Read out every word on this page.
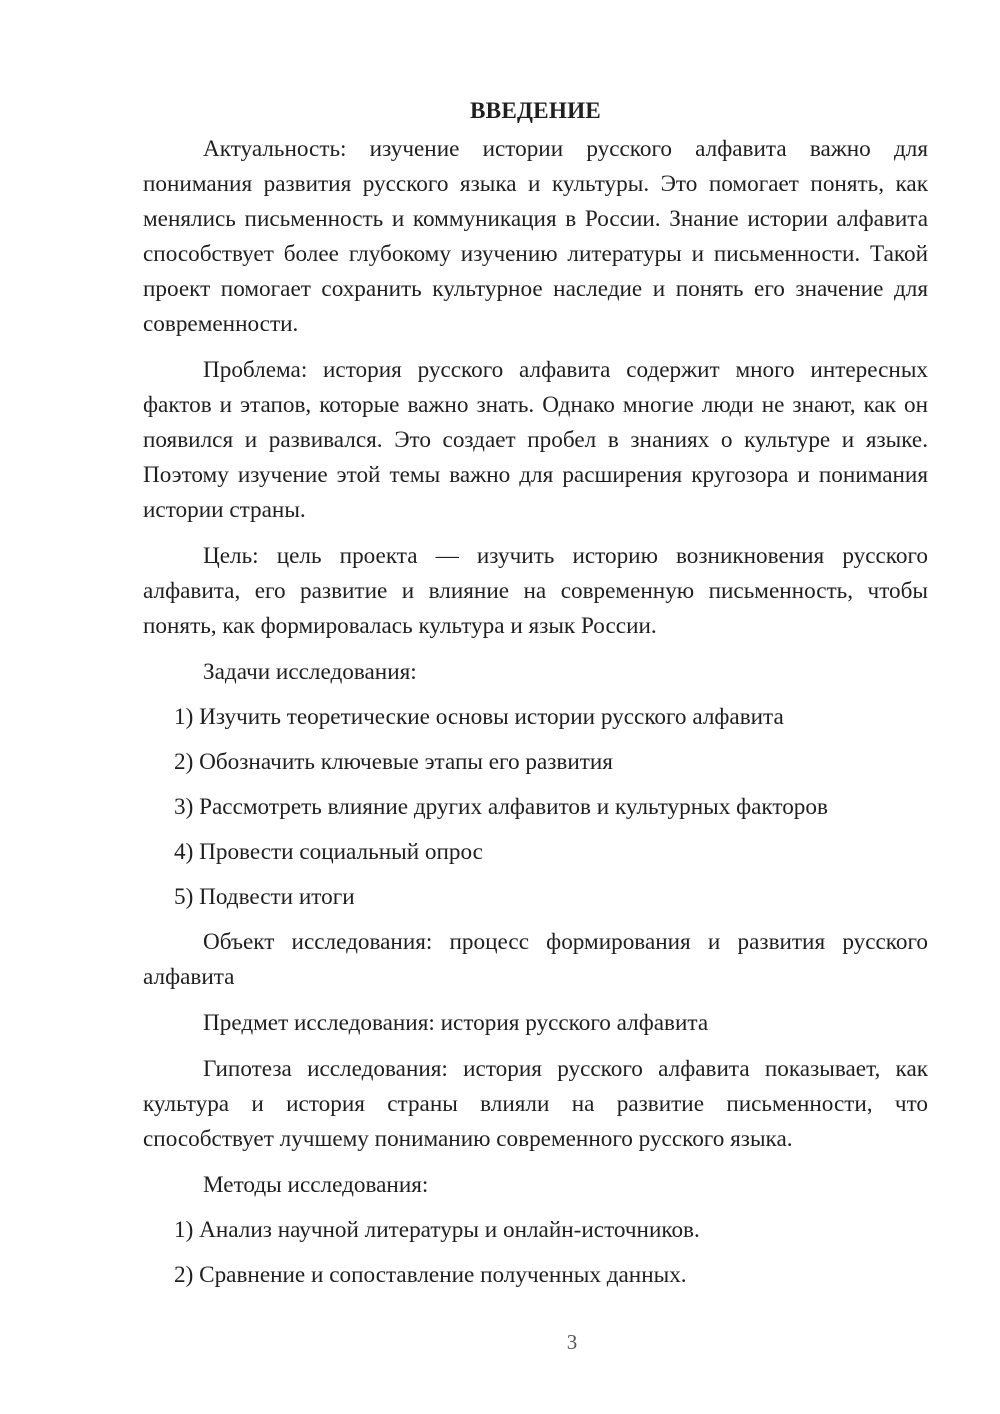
ВВЕДЕНИЕ

Актуальность: изучение истории русского алфавита важно для понимания развития русского языка и культуры. Это помогает понять, как менялись письменность и коммуникация в России. Знание истории алфавита способствует более глубокому изучению литературы и письменности. Такой проект помогает сохранить культурное наследие и понять его значение для современности.

Проблема: история русского алфавита содержит много интересных фактов и этапов, которые важно знать. Однако многие люди не знают, как он появился и развивался. Это создает пробел в знаниях о культуре и языке. Поэтому изучение этой темы важно для расширения кругозора и понимания истории страны.

Цель: цель проекта — изучить историю возникновения русского алфавита, его развитие и влияние на современную письменность, чтобы понять, как формировалась культура и язык России.

Задачи исследования:

1) Изучить теоретические основы истории русского алфавита
2) Обозначить ключевые этапы его развития
3) Рассмотреть влияние других алфавитов и культурных факторов
4) Провести социальный опрос
5) Подвести итоги

Объект исследования: процесс формирования и развития русского алфавита

Предмет исследования: история русского алфавита

Гипотеза исследования: история русского алфавита показывает, как культура и история страны влияли на развитие письменности, что способствует лучшему пониманию современного русского языка.

Методы исследования:

1) Анализ научной литературы и онлайн-источников.
2) Сравнение и сопоставление полученных данных.
3
